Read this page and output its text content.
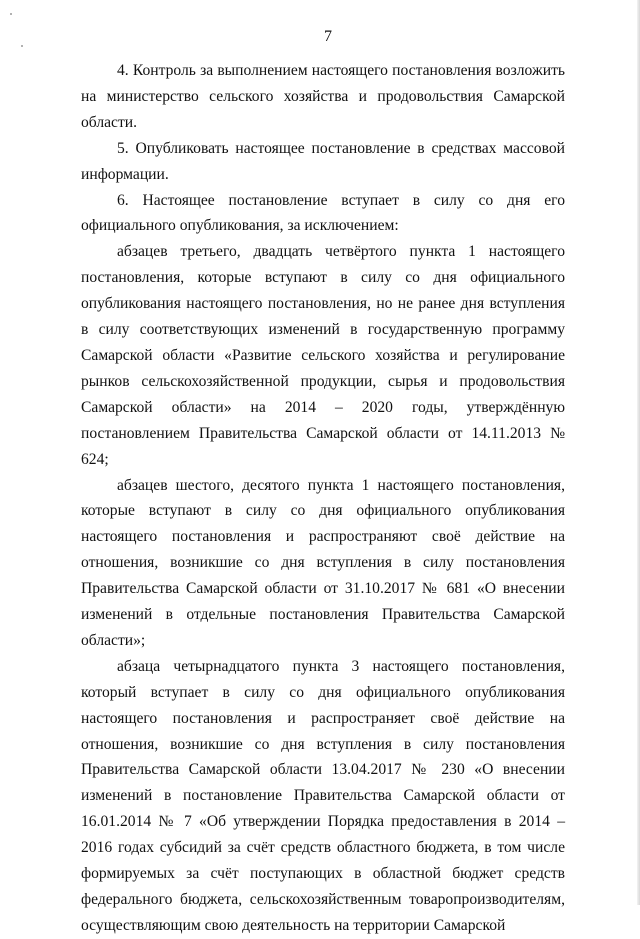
7

4. Контроль за выполнением настоящего постановления возложить на министерство сельского хозяйства и продовольствия Самарской области.

5. Опубликовать настоящее постановление в средствах массовой информации.

6. Настоящее постановление вступает в силу со дня его официального опубликования, за исключением:

абзацев третьего, двадцать четвёртого пункта 1 настоящего постановления, которые вступают в силу со дня официального опубликования настоящего постановления, но не ранее дня вступления в силу соответствующих изменений в государственную программу Самарской области «Развитие сельского хозяйства и регулирование рынков сельскохозяйственной продукции, сырья и продовольствия Самарской области» на 2014 – 2020 годы, утверждённую постановлением Правительства Самарской области от 14.11.2013 № 624;

абзацев шестого, десятого пункта 1 настоящего постановления, которые вступают в силу со дня официального опубликования настоящего постановления и распространяют своё действие на отношения, возникшие со дня вступления в силу постановления Правительства Самарской области от 31.10.2017 № 681 «О внесении изменений в отдельные постановления Правительства Самарской области»;

абзаца четырнадцатого пункта 3 настоящего постановления, который вступает в силу со дня официального опубликования настоящего постановления и распространяет своё действие на отношения, возникшие со дня вступления в силу постановления Правительства Самарской области 13.04.2017 № 230 «О внесении изменений в постановление Правительства Самарской области от 16.01.2014 № 7 «Об утверждении Порядка предоставления в 2014 – 2016 годах субсидий за счёт средств областного бюджета, в том числе формируемых за счёт поступающих в областной бюджет средств федерального бюджета, сельскохозяйственным товаропроизводителям, осуществляющим свою деятельность на территории Самарской
